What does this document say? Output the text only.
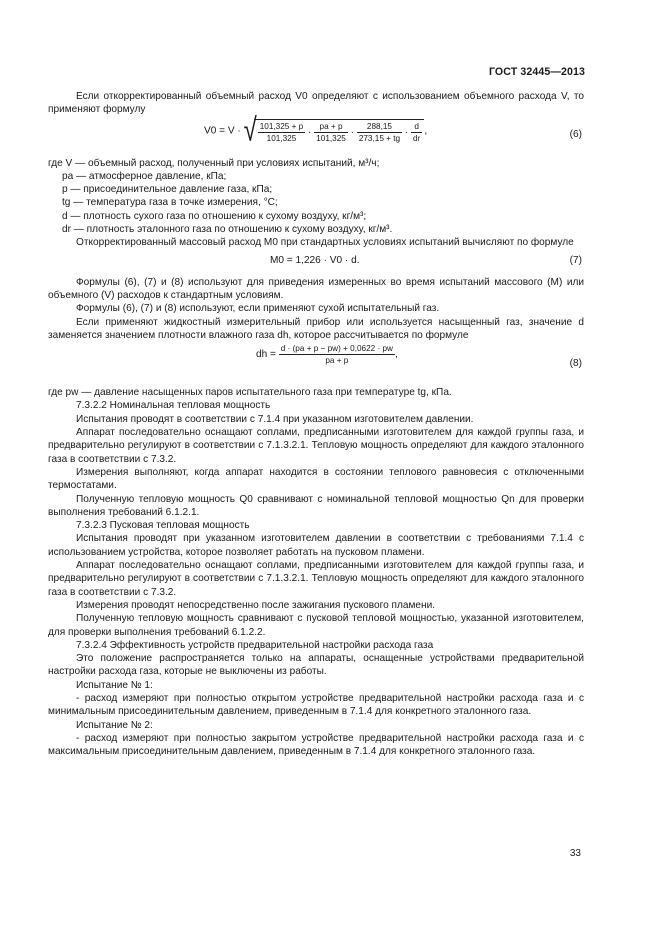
ГОСТ 32445—2013

Если откорректированный объемный расход V0 определяют с использованием объемного расхода V, то применяют формулу

V0 = V · √ $\frac{101,325 + p}{101,325} \cdot \frac{pa + p}{101,325} \cdot \frac{288,15}{273,15 + tg} \cdot \frac{d}{dr}$ ,	(6)

где V — объемный расход, полученный при условиях испытаний, м³/ч;

pa — атмосферное давление, кПа;

p — присоединительное давление газа, кПа;

tg — температура газа в точке измерения, °С;

d — плотность сухого газа по отношению к сухому воздуху, кг/м³;

dr — плотность эталонного газа по отношению к сухому воздуху, кг/м³.

Откорректированный массовый расход M0 при стандартных условиях испытаний вычисляют по формуле

M0 = 1,226 · V0 · d.	(7)

Формулы (6), (7) и (8) используют для приведения измеренных во время испытаний массового (M) или объемного (V) расходов к стандартным условиям.

Формулы (6), (7) и (8) используют, если применяют сухой испытательный газ.

Если применяют жидкостный измерительный прибор или используется насыщенный газ, значение d заменяется значением плотности влажного газа dh, которое рассчитывается по формуле

dh = $\frac{d \cdot (pa + p - pw) + 0,0622 \cdot pw}{pa + p}$ ,
(8)

где pw — давление насыщенных паров испытательного газа при температуре tg, кПа.

7.3.2.2 Номинальная тепловая мощность

Испытания проводят в соответствии с 7.1.4 при указанном изготовителем давлении.

Аппарат последовательно оснащают соплами, предписанными изготовителем для каждой группы газа, и предварительно регулируют в соответствии с 7.1.3.2.1. Тепловую мощность определяют для каждого эталонного газа в соответствии с 7.3.2.

Измерения выполняют, когда аппарат находится в состоянии теплового равновесия с отключенными термостатами.

Полученную тепловую мощность Q0 сравнивают с номинальной тепловой мощностью Qn для проверки выполнения требований 6.1.2.1.

7.3.2.3 Пусковая тепловая мощность

Испытания проводят при указанном изготовителем давлении в соответствии с требованиями 7.1.4 с использованием устройства, которое позволяет работать на пусковом пламени.

Аппарат последовательно оснащают соплами, предписанными изготовителем для каждой группы газа, и предварительно регулируют в соответствии с 7.1.3.2.1. Тепловую мощность определяют для каждого эталонного газа в соответствии с 7.3.2.

Измерения проводят непосредственно после зажигания пускового пламени.

Полученную тепловую мощность сравнивают с пусковой тепловой мощностью, указанной изготовителем, для проверки выполнения требований 6.1.2.2.

7.3.2.4 Эффективность устройств предварительной настройки расхода газа

Это положение распространяется только на аппараты, оснащенные устройствами предварительной настройки расхода газа, которые не выключены из работы.

Испытание № 1:

- расход измеряют при полностью открытом устройстве предварительной настройки расхода газа и с минимальным присоединительным давлением, приведенным в 7.1.4 для конкретного эталонного газа.

Испытание № 2:

- расход измеряют при полностью закрытом устройстве предварительной настройки расхода газа и с максимальным присоединительным давлением, приведенным в 7.1.4 для конкретного эталонного газа.

33
